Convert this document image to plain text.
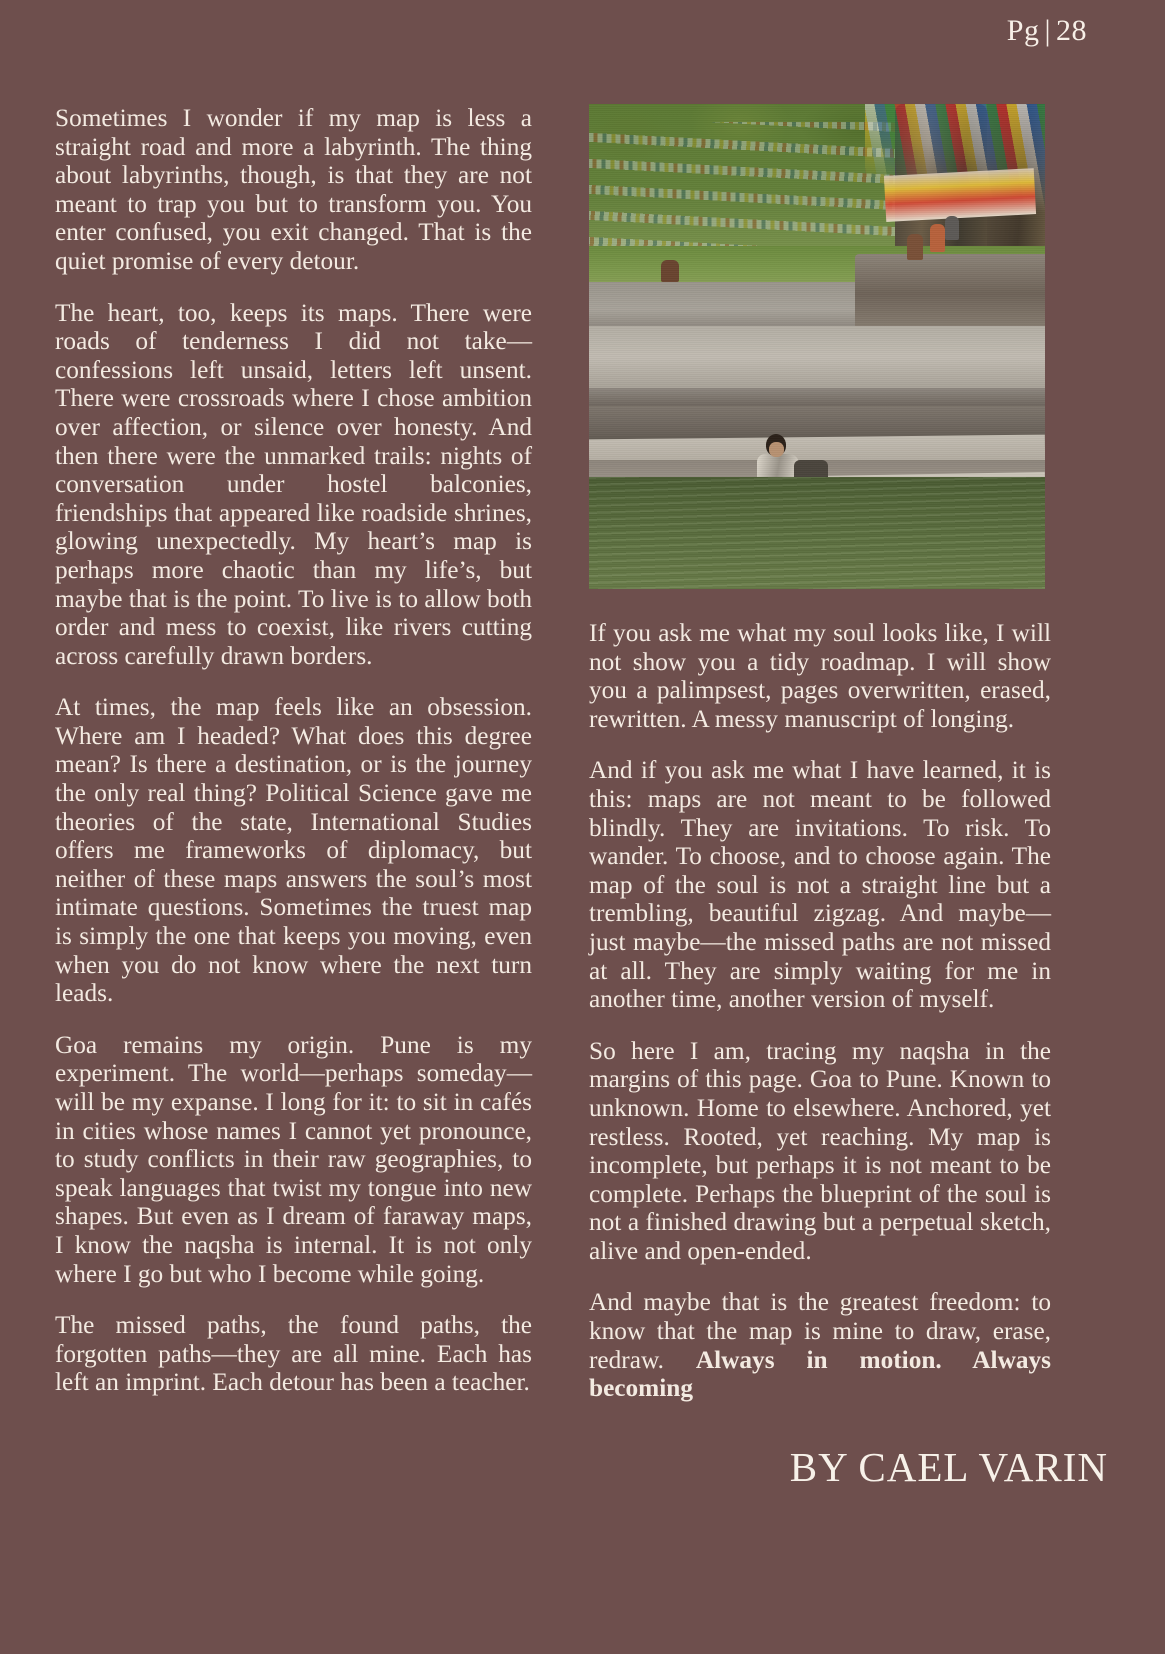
Pg | 28

Sometimes I wonder if my map is less a straight road and more a labyrinth. The thing about labyrinths, though, is that they are not meant to trap you but to transform you. You enter confused, you exit changed. That is the quiet promise of every detour.

The heart, too, keeps its maps. There were roads of tenderness I did not take—confessions left unsaid, letters left unsent. There were crossroads where I chose ambition over affection, or silence over honesty. And then there were the unmarked trails: nights of conversation under hostel balconies, friendships that appeared like roadside shrines, glowing unexpectedly. My heart’s map is perhaps more chaotic than my life’s, but maybe that is the point. To live is to allow both order and mess to coexist, like rivers cutting across carefully drawn borders.

At times, the map feels like an obsession. Where am I headed? What does this degree mean? Is there a destination, or is the journey the only real thing? Political Science gave me theories of the state, International Studies offers me frameworks of diplomacy, but neither of these maps answers the soul’s most intimate questions. Sometimes the truest map is simply the one that keeps you moving, even when you do not know where the next turn leads.

Goa remains my origin. Pune is my experiment. The world—perhaps someday—will be my expanse. I long for it: to sit in cafés in cities whose names I cannot yet pronounce, to study conflicts in their raw geographies, to speak languages that twist my tongue into new shapes. But even as I dream of faraway maps, I know the naqsha is internal. It is not only where I go but who I become while going.

The missed paths, the found paths, the forgotten paths—they are all mine. Each has left an imprint. Each detour has been a teacher.

If you ask me what my soul looks like, I will not show you a tidy roadmap. I will show you a palimpsest, pages overwritten, erased, rewritten. A messy manuscript of longing.

And if you ask me what I have learned, it is this: maps are not meant to be followed blindly. They are invitations. To risk. To wander. To choose, and to choose again. The map of the soul is not a straight line but a trembling, beautiful zigzag. And maybe—just maybe—the missed paths are not missed at all. They are simply waiting for me in another time, another version of myself.

So here I am, tracing my naqsha in the margins of this page. Goa to Pune. Known to unknown. Home to elsewhere. Anchored, yet restless. Rooted, yet reaching. My map is incomplete, but perhaps it is not meant to be complete. Perhaps the blueprint of the soul is not a finished drawing but a perpetual sketch, alive and open-ended.

And maybe that is the greatest freedom: to know that the map is mine to draw, erase, redraw. Always in motion. Always becoming

BY CAEL VARIN
